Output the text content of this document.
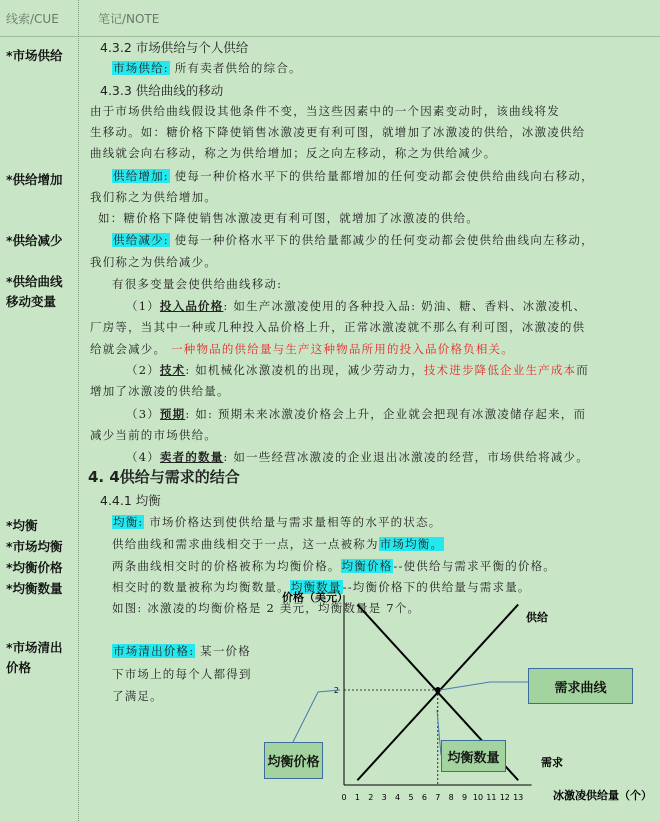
线索/CUE	笔记/NOTE
*市场供给
*供给增加
*供给减少
*供给曲线
移动变量
*均衡
*市场均衡
*均衡价格
*均衡数量
*市场清出
价格
4.3.2 市场供给与个人供给
市场供给: 所有卖者供给的综合。
4.3.3 供给曲线的移动
由于市场供给曲线假设其他条件不变，当这些因素中的一个因素变动时，该曲线将发
生移动。如：糖价格下降使销售冰激凌更有利可图，就增加了冰激凌的供给，冰激凌供给
曲线就会向右移动，称之为供给增加；反之向左移动，称之为供给减少。
供给增加: 使每一种价格水平下的供给量都增加的任何变动都会使供给曲线向右移动，
我们称之为供给增加。
如：糖价格下降使销售冰激凌更有利可图，就增加了冰激凌的供给。
供给减少: 使每一种价格水平下的供给量都减少的任何变动都会使供给曲线向左移动，
我们称之为供给减少。
有很多变量会使供给曲线移动:
（1）投入品价格: 如生产冰激凌使用的各种投入品: 奶油、糖、香料、冰激凌机、
厂房等，当其中一种或几种投入品价格上升，正常冰激凌就不那么有利可图，冰激凌的供
给就会减少。 一种物品的供给量与生产这种物品所用的投入品价格负相关。
（2）技术: 如机械化冰激凌机的出现，减少劳动力，技术进步降低企业生产成本而
增加了冰激凌的供给量。
（3）预期: 如: 预期未来冰激凌价格会上升，企业就会把现有冰激凌储存起来，而
减少当前的市场供给。
（4）卖者的数量: 如一些经营冰激凌的企业退出冰激凌的经营，市场供给将减少。
4. 4供给与需求的结合
4.4.1 均衡
均衡: 市场价格达到使供给量与需求量相等的水平的状态。
供给曲线和需求曲线相交于一点，这一点被称为市场均衡。
两条曲线相交时的价格被称为均衡价格。均衡价格--使供给与需求平衡的价格。
相交时的数量被称为均衡数量。均衡数量--均衡价格下的供给量与需求量。
如图: 冰激凌的均衡价格是 2 美元，均衡数量是 7个。
市场清出价格: 某一价格
下市场上的每个人都得到
了满足。
价格（美元）
冰激凌供给量（个）
0 1 2 3 4 5 6 7 8 9 10 11 12 13
2
供给
需求
需求曲线
均衡价格	均衡数量
